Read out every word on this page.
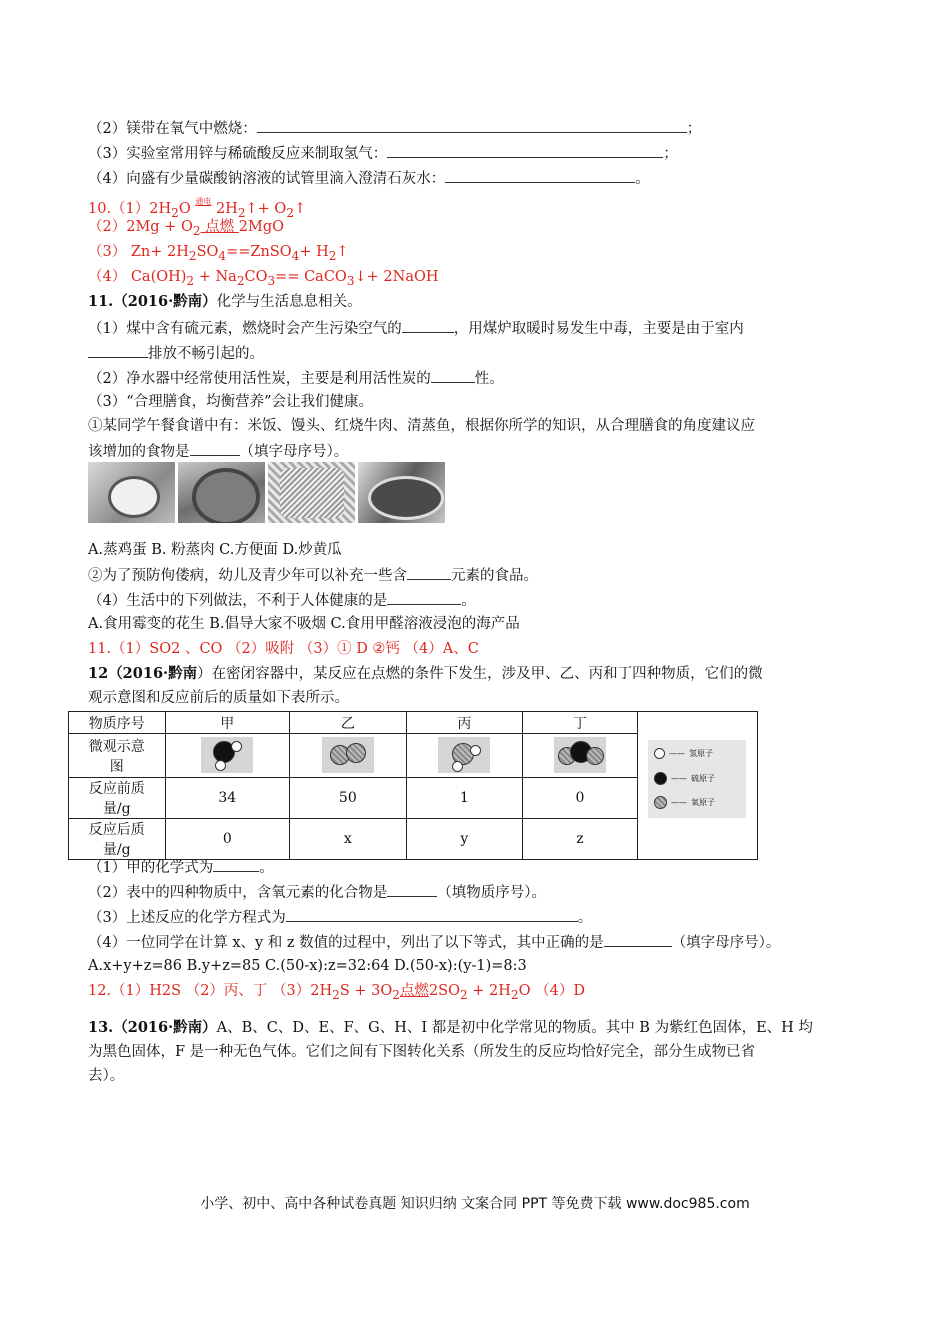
（2）镁带在氧气中燃烧：	；
（3）实验室常用锌与稀硫酸反应来制取氢气：	；
（4）向盛有少量碳酸钠溶液的试管里滴入澄清石灰水：	。
$10.(1)2H_2O$ $^{通电}$ $2H_2↑+$ $O_2↑$
$(2)2Mg + O_2$ 点燃 2MgO
（3） $Zn+ 2H_2SO_4==ZnSO_4+$ $H_2↑$
（4） $Ca(OH)_2 + Na_2CO_3==$ CaCO$_3$↓+ 2NaOH
11.（2016·黔南）化学与生活息息相关。
（1）煤中含有硫元素，燃烧时会产生污染空气的	，用煤炉取暖时易发生中毒，主要是由于室内
排放不畅引起的。
（2）净水器中经常使用活性炭，主要是利用活性炭的	性。
（3）“合理膳食，均衡营养”会让我们健康。
①某同学午餐食谱中有：米饭、馒头、红烧牛肉、清蒸鱼，根据你所学的知识，从合理膳食的角度建议应
该增加的食物是	（填字母序号）。
A.蒸鸡蛋 B. 粉蒸肉 C.方便面 D.炒黄瓜
②为了预防佝偻病，幼儿及青少年可以补充一些含	元素的食品。
（4）生活中的下列做法，不利于人体健康的是	。
A.食用霉变的花生 B.倡导大家不吸烟 C.食用甲醛溶液浸泡的海产品
11.（1）SO2 、CO （2）吸附 （3）① D ②钙 （4）A、C
12（2016·黔南）在密闭容器中，某反应在点燃的条件下发生，涉及甲、乙、丙和丁四种物质，它们的微
观示意图和反应前后的质量如下表所示。
物质序号	甲	乙	丙	丁	

微观示意
图					

反应前质
量/g	34	50	1	0	

反应后质
量/g	0	x	y	z	
—— 氢原子
—— 硫原子
—— 氧原子
（1）甲的化学式为	。
（2）表中的四种物质中，含氧元素的化合物是	（填物质序号）。
（3）上述反应的化学方程式为	。
（4）一位同学在计算 x、y 和 z 数值的过程中，列出了以下等式，其中正确的是	（填字母序号）。
A.x+y+z=86 B.y+z=85 C.(50-x):z=32:64 D.(50-x):(y-1)=8:3
12.（1）H2S （2）丙、丁 $(3)2H_2S + 3O_2$点燃$2SO_2 + 2H_2O$ （4）D
13.（2016·黔南）A、B、C、D、E、F、G、H、I 都是初中化学常见的物质。其中 B 为紫红色固体，E、H 均
为黑色固体，F 是一种无色气体。它们之间有下图转化关系（所发生的反应均恰好完全，部分生成物已省
去）。
小学、初中、高中各种试卷真题 知识归纳 文案合同 PPT 等免费下载 www.doc985.com
